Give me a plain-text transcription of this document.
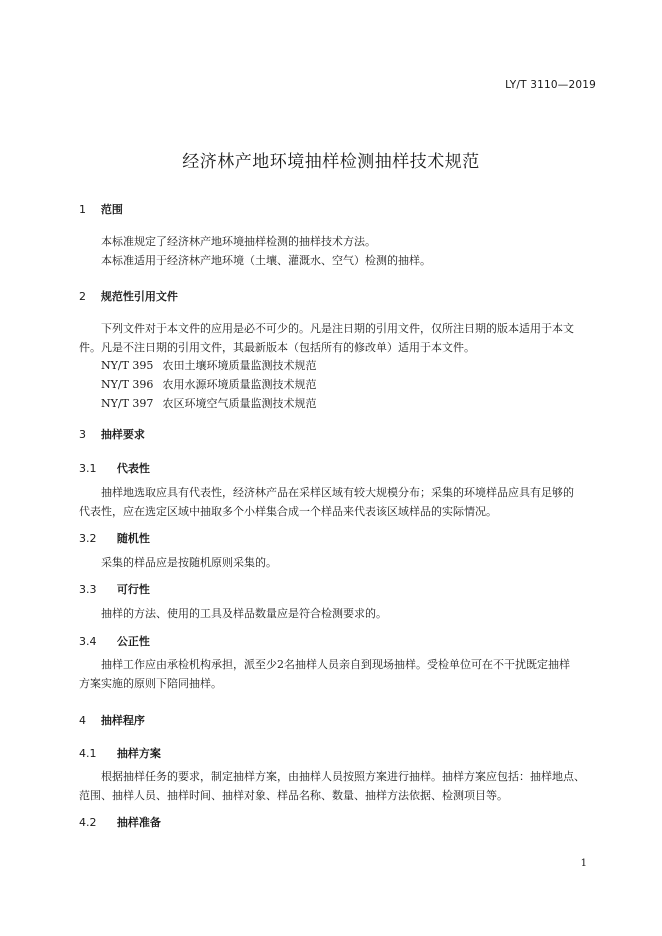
LY/T 3110—2019
经济林产地环境抽样检测抽样技术规范
1 范围
本标准规定了经济林产地环境抽样检测的抽样技术方法。
本标准适用于经济林产地环境（土壤、灌溉水、空气）检测的抽样。
2 规范性引用文件
下列文件对于本文件的应用是必不可少的。凡是注日期的引用文件，仅所注日期的版本适用于本文
件。凡是不注日期的引用文件，其最新版本（包括所有的修改单）适用于本文件。
NY/T 395 农田土壤环境质量监测技术规范
NY/T 396 农用水源环境质量监测技术规范
NY/T 397 农区环境空气质量监测技术规范
3 抽样要求
3.1 代表性
抽样地选取应具有代表性，经济林产品在采样区域有较大规模分布；采集的环境样品应具有足够的
代表性，应在选定区域中抽取多个小样集合成一个样品来代表该区域样品的实际情况。
3.2 随机性
采集的样品应是按随机原则采集的。
3.3 可行性
抽样的方法、使用的工具及样品数量应是符合检测要求的。
3.4 公正性
抽样工作应由承检机构承担，派至少2名抽样人员亲自到现场抽样。受检单位可在不干扰既定抽样
方案实施的原则下陪同抽样。
4 抽样程序
4.1 抽样方案
根据抽样任务的要求，制定抽样方案，由抽样人员按照方案进行抽样。抽样方案应包括：抽样地点、
范围、抽样人员、抽样时间、抽样对象、样品名称、数量、抽样方法依据、检测项目等。
4.2 抽样准备
1
